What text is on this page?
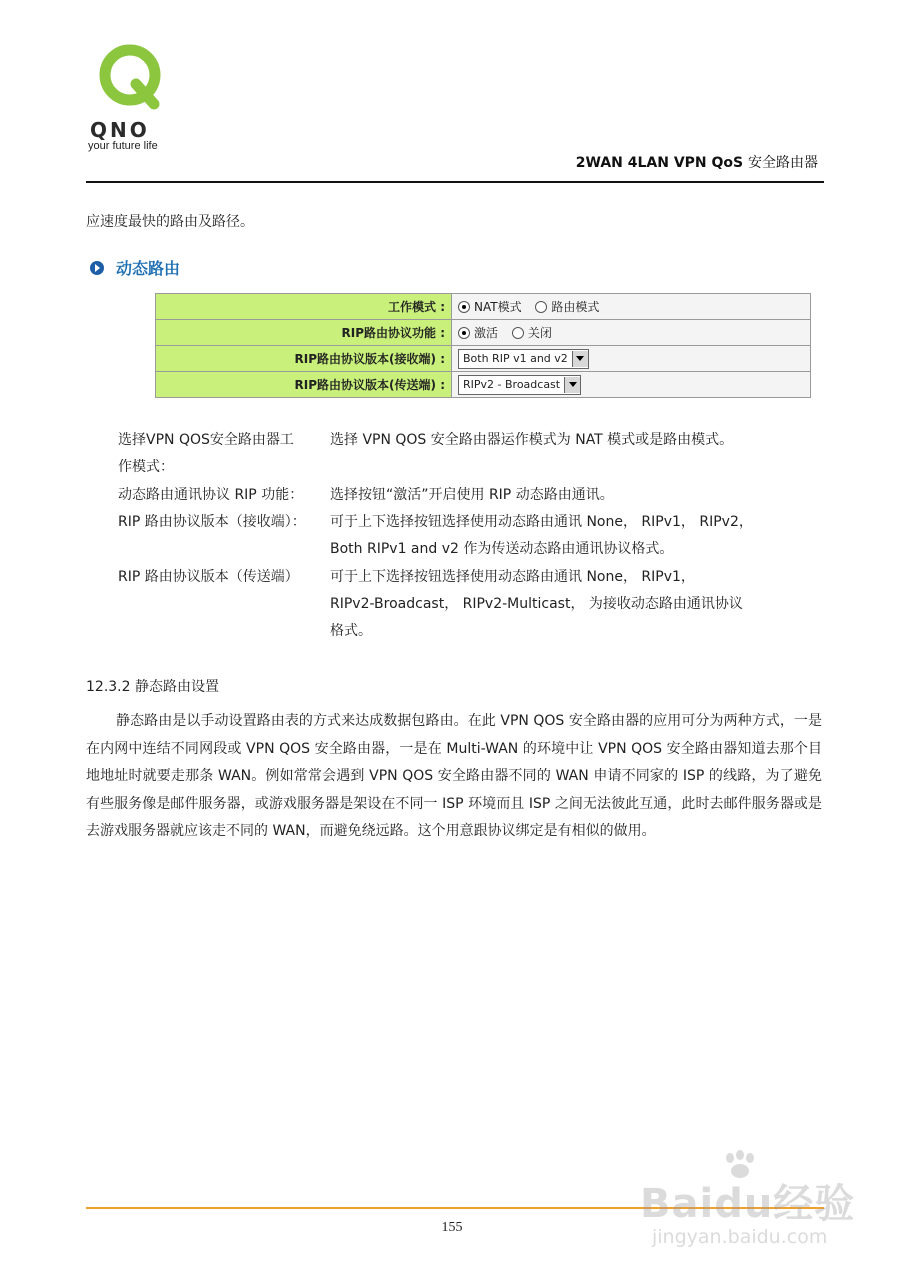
QNO
your future life
2WAN 4LAN VPN QoS 安全路由器
应速度最快的路由及路径。
动态路由
工作模式 :	NAT模式 路由模式
RIP路由协议功能 :	激活 关闭
RIP路由协议版本(接收端) :	Both RIP v1 and v2

RIP路由协议版本(传送端) :	RIPv2 - Broadcast
选择VPN QOS安全路由器工
作模式：
选择 VPN QOS 安全路由器运作模式为 NAT 模式或是路由模式。
动态路由通讯协议 RIP 功能： 选择按钮“激活”开启使用 RIP 动态路由通讯。
RIP 路由协议版本（接收端）： 可于上下选择按钮选择使用动态路由通讯 None， RIPv1， RIPv2，
Both RIPv1 and v2 作为传送动态路由通讯协议格式。
RIP 路由协议版本（传送端） 可于上下选择按钮选择使用动态路由通讯 None， RIPv1，
RIPv2-Broadcast， RIPv2-Multicast， 为接收动态路由通讯协议
格式。
12.3.2 静态路由设置
静态路由是以手动设置路由表的方式来达成数据包路由。在此 VPN QOS 安全路由器的应用可分为两种方式，一是在内网中连结不同网段或 VPN QOS 安全路由器，一是在 Multi-WAN 的环境中让 VPN QOS 安全路由器知道去那个目地地址时就要走那条 WAN。例如常常会遇到 VPN QOS 安全路由器不同的 WAN 申请不同家的 ISP 的线路，为了避免有些服务像是邮件服务器，或游戏服务器是架设在不同一 ISP 环境而且 ISP 之间无法彼此互通，此时去邮件服务器或是去游戏服务器就应该走不同的 WAN，而避免绕远路。这个用意跟协议绑定是有相似的做用。
155
Baidu经验
jingyan.baidu.com
